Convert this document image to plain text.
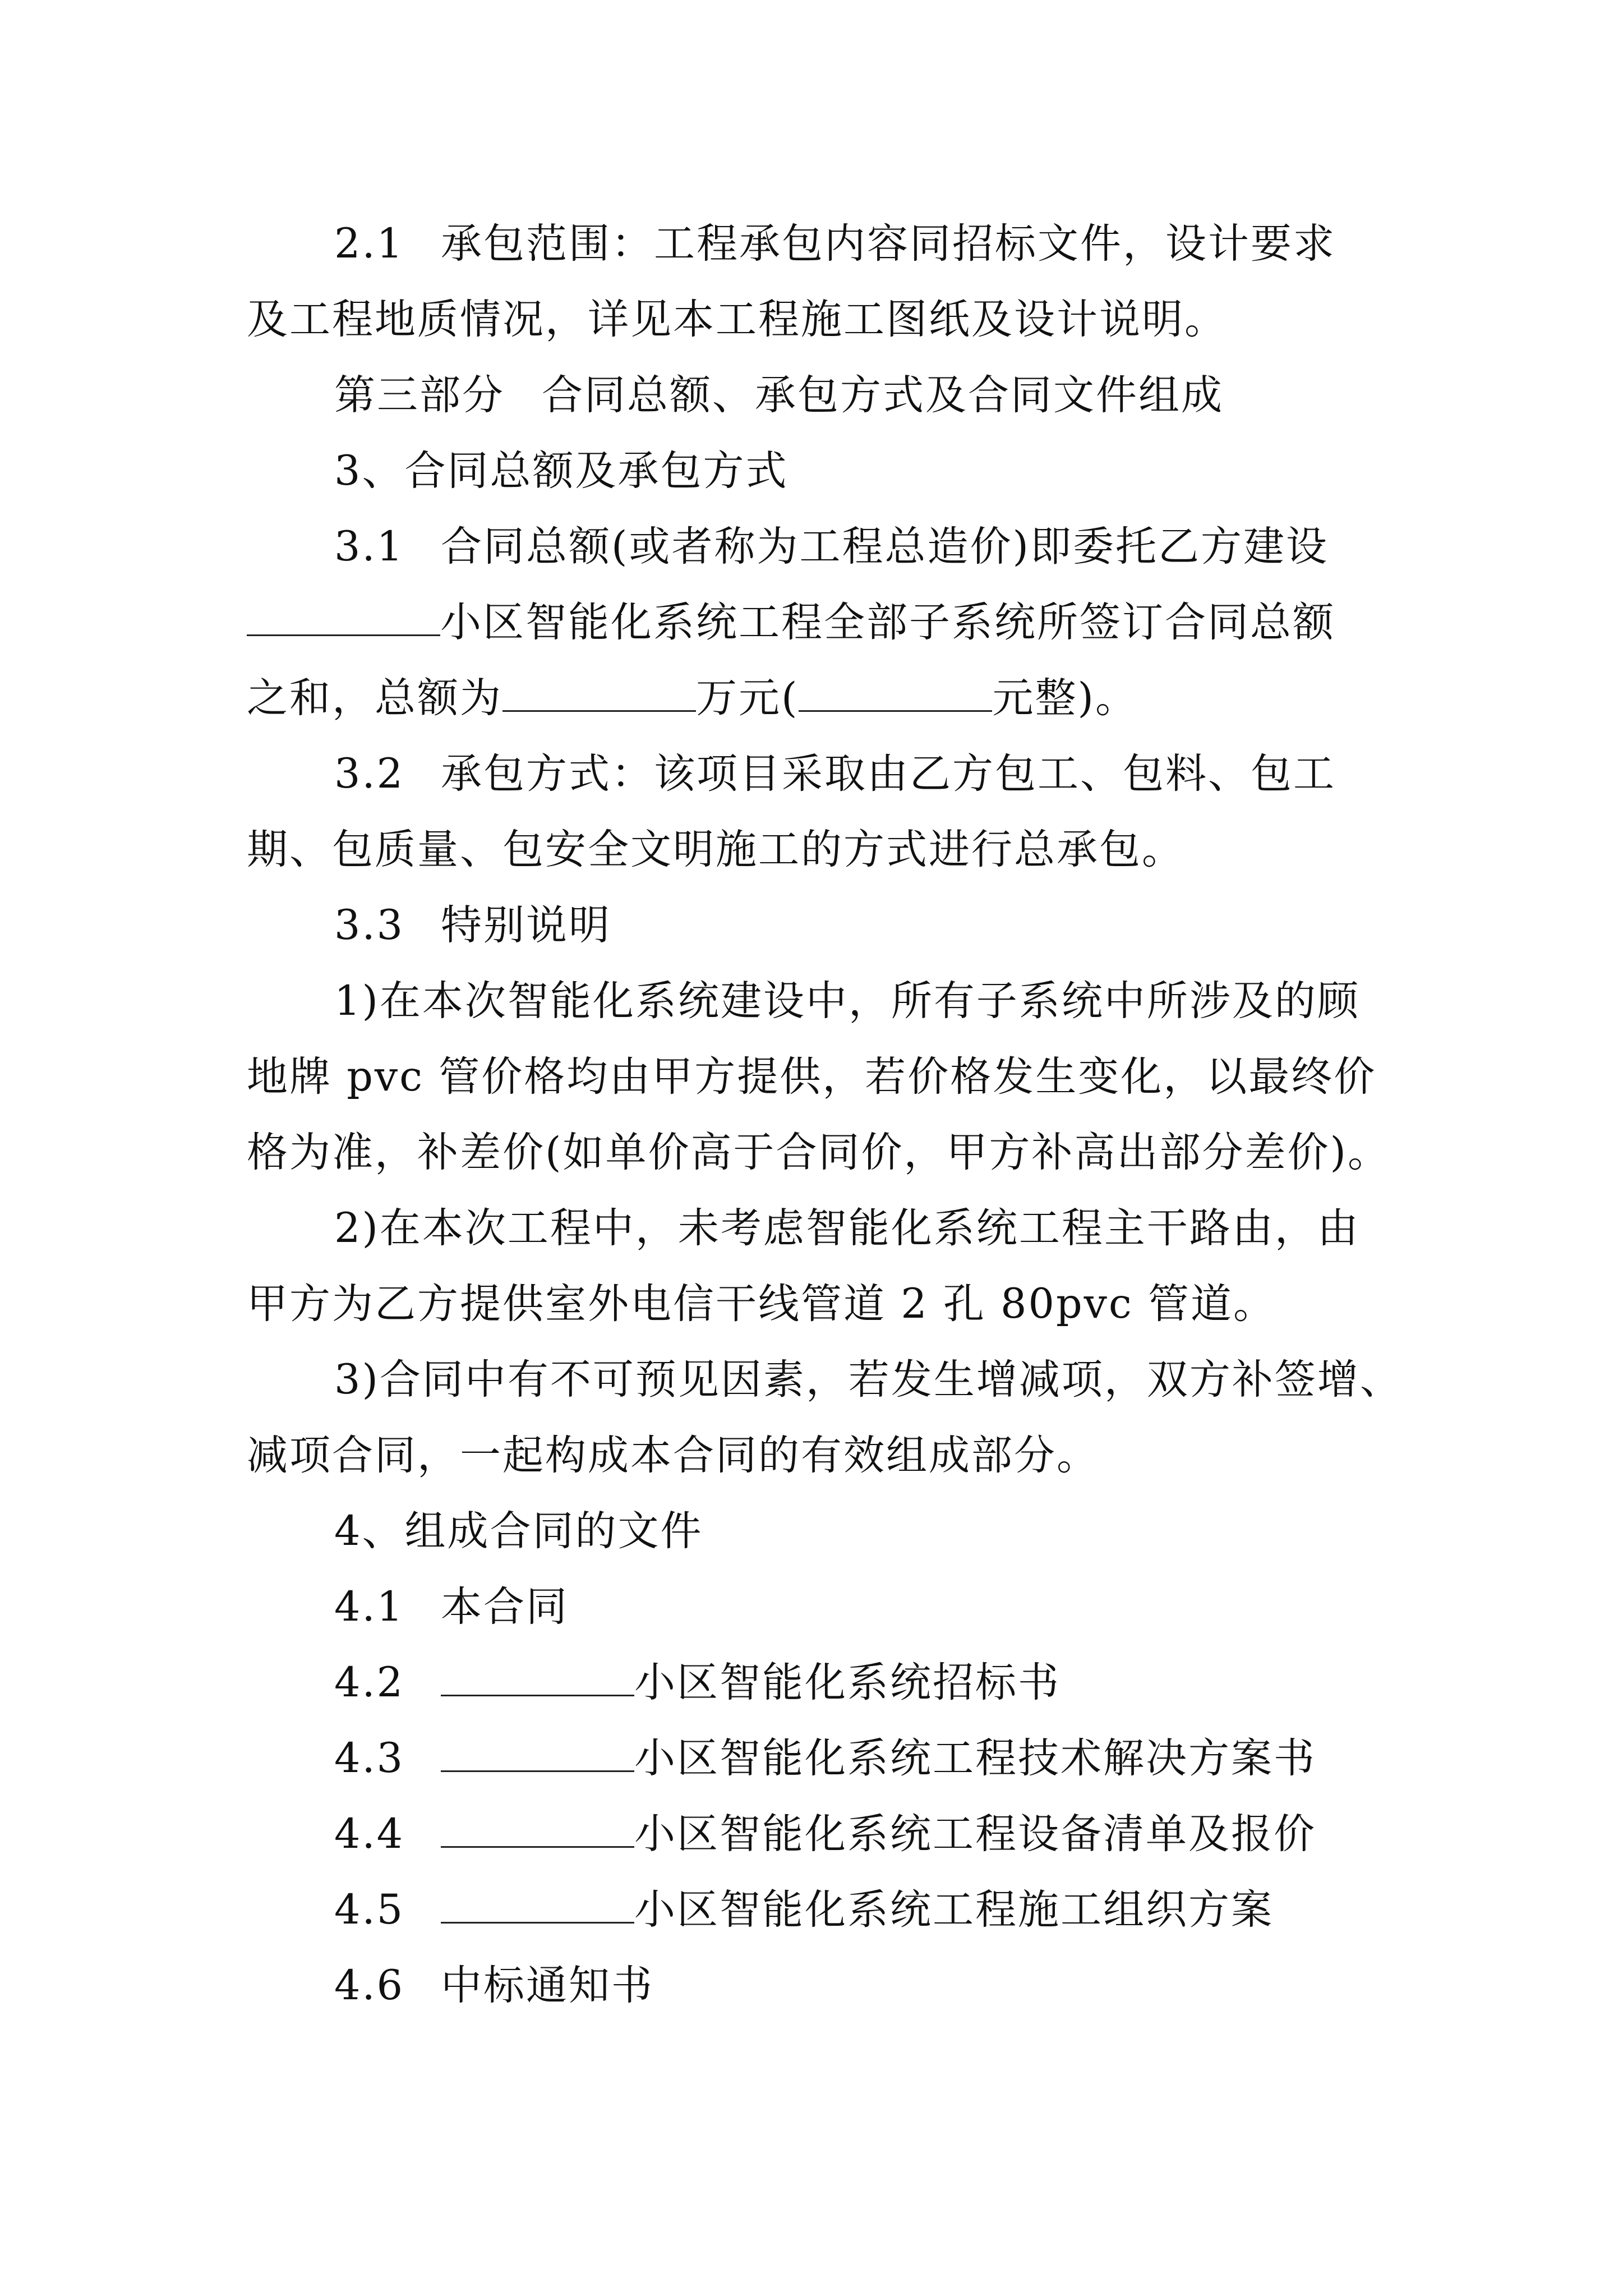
2.1 承包范围：工程承包内容同招标文件，设计要求
及工程地质情况，详见本工程施工图纸及设计说明。
第三部分 合同总额、承包方式及合同文件组成
3、合同总额及承包方式
3.1 合同总额(或者称为工程总造价)即委托乙方建设
小区智能化系统工程全部子系统所签订合同总额
之和，总额为	万元(	元整)。
3.2 承包方式：该项目采取由乙方包工、包料、包工
期、包质量、包安全文明施工的方式进行总承包。
3.3 特别说明
1)在本次智能化系统建设中，所有子系统中所涉及的顾
地牌 pvc 管价格均由甲方提供，若价格发生变化，以最终价
格为准，补差价(如单价高于合同价，甲方补高出部分差价)。
2)在本次工程中，未考虑智能化系统工程主干路由，由
甲方为乙方提供室外电信干线管道 2 孔 80pvc 管道。
3)合同中有不可预见因素，若发生增减项，双方补签增、
减项合同，一起构成本合同的有效组成部分。
4、组成合同的文件
4.1 本合同
4.2	小区智能化系统招标书
4.3	小区智能化系统工程技术解决方案书
4.4	小区智能化系统工程设备清单及报价
4.5	小区智能化系统工程施工组织方案
4.6 中标通知书
